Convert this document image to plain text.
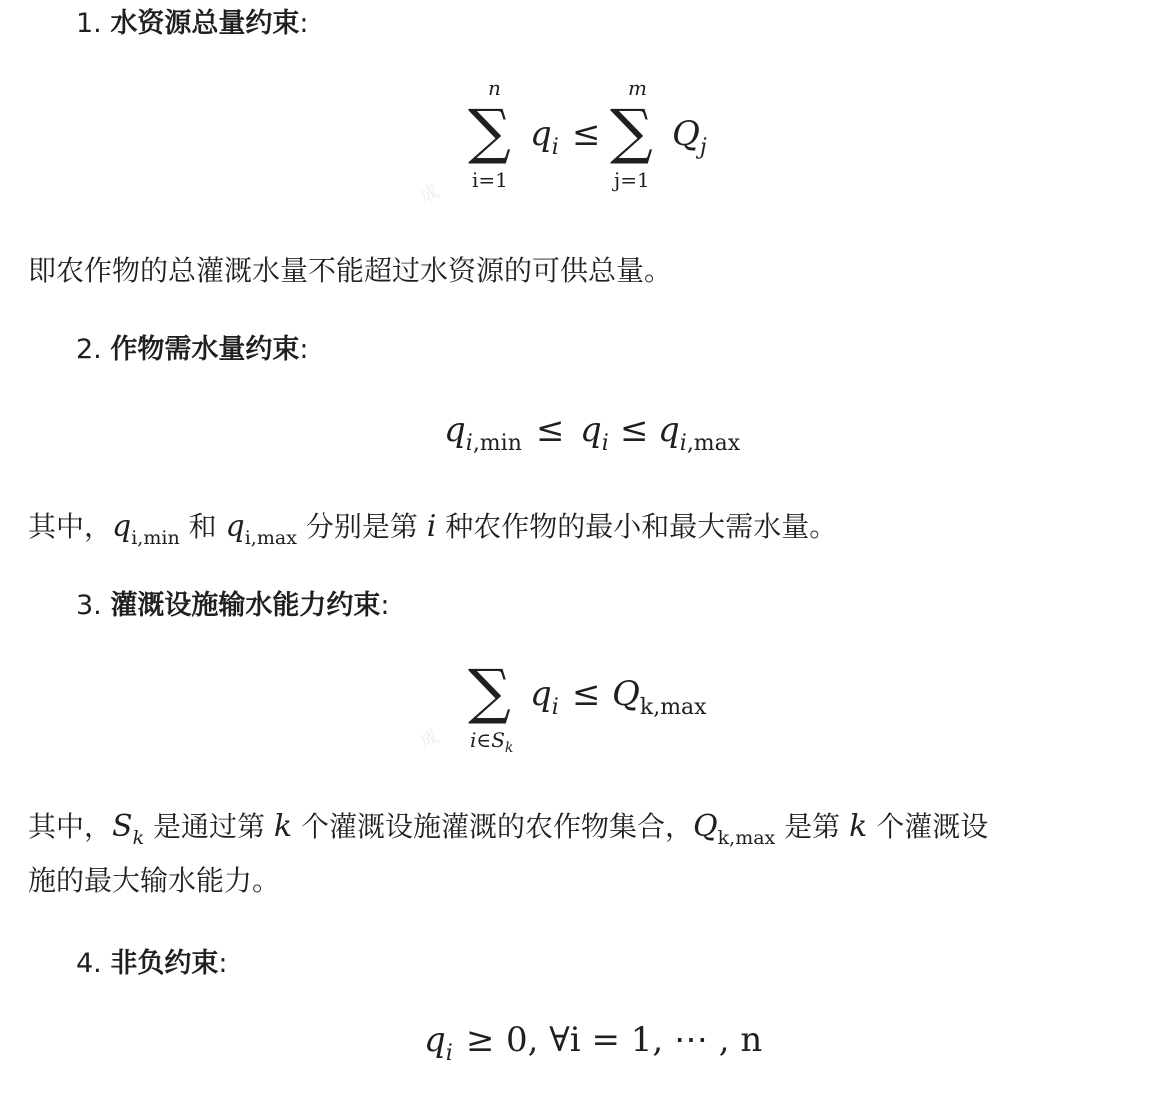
成
成
1. 水资源总量约束:
n
∑
i=1
$q_i$ ≤
m
∑
j=1
$Q_j$
即农作物的总灌溉水量不能超过水资源的可供总量。
2. 作物需水量约束:
$q_{i,min} \le q_i \le q_{i,max}$
其中，$q_{i,min}$ 和 $q_{i,max}$ 分别是第 i 种农作物的最小和最大需水量。
3. 灌溉设施输水能力约束:
∑
$i\in S_k$
$q_i \le Q_{k,max}$
其中，$S_k$ 是通过第 k 个灌溉设施灌溉的农作物集合，$Q_{k,max}$ 是第 k 个灌溉设
施的最大输水能力。
4. 非负约束:
$q_i \ge 0$, ∀i = 1, ⋯ , n
